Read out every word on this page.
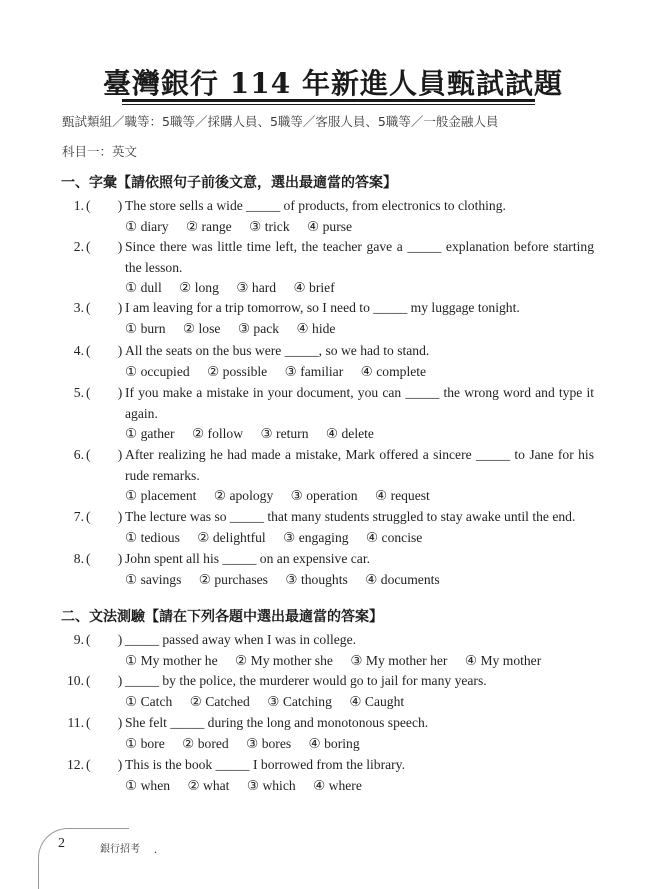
臺灣銀行 114 年新進人員甄試試題
甄試類組／職等：5職等／採購人員、5職等／客服人員、5職等／一般金融人員
科目一：英文
一、字彙【請依照句子前後文意，選出最適當的答案】
1. (　　) The store sells a wide _____ of products, from electronics to clothing.
① diary ② range ③ trick ④ purse
2. (　　) Since there was little time left, the teacher gave a _____ explanation before starting the lesson.
① dull ② long ③ hard ④ brief
3. (　　) I am leaving for a trip tomorrow, so I need to _____ my luggage tonight.
① burn ② lose ③ pack ④ hide
4. (　　) All the seats on the bus were _____, so we had to stand.
① occupied ② possible ③ familiar ④ complete
5. (　　) If you make a mistake in your document, you can _____ the wrong word and type it again.
① gather ② follow ③ return ④ delete
6. (　　) After realizing he had made a mistake, Mark offered a sincere _____ to Jane for his rude remarks.
① placement ② apology ③ operation ④ request
7. (　　) The lecture was so _____ that many students struggled to stay awake until the end.
① tedious ② delightful ③ engaging ④ concise
8. (　　) John spent all his _____ on an expensive car.
① savings ② purchases ③ thoughts ④ documents
二、文法測驗【請在下列各題中選出最適當的答案】
9. (　　) _____ passed away when I was in college.
① My mother he ② My mother she ③ My mother her ④ My mother
10. (　　) _____ by the police, the murderer would go to jail for many years.
① Catch ② Catched ③ Catching ④ Caught
11. (　　) She felt _____ during the long and monotonous speech.
① bore ② bored ③ bores ④ boring
12. (　　) This is the book _____ I borrowed from the library.
① when ② what ③ which ④ where
2	銀行招考 .
